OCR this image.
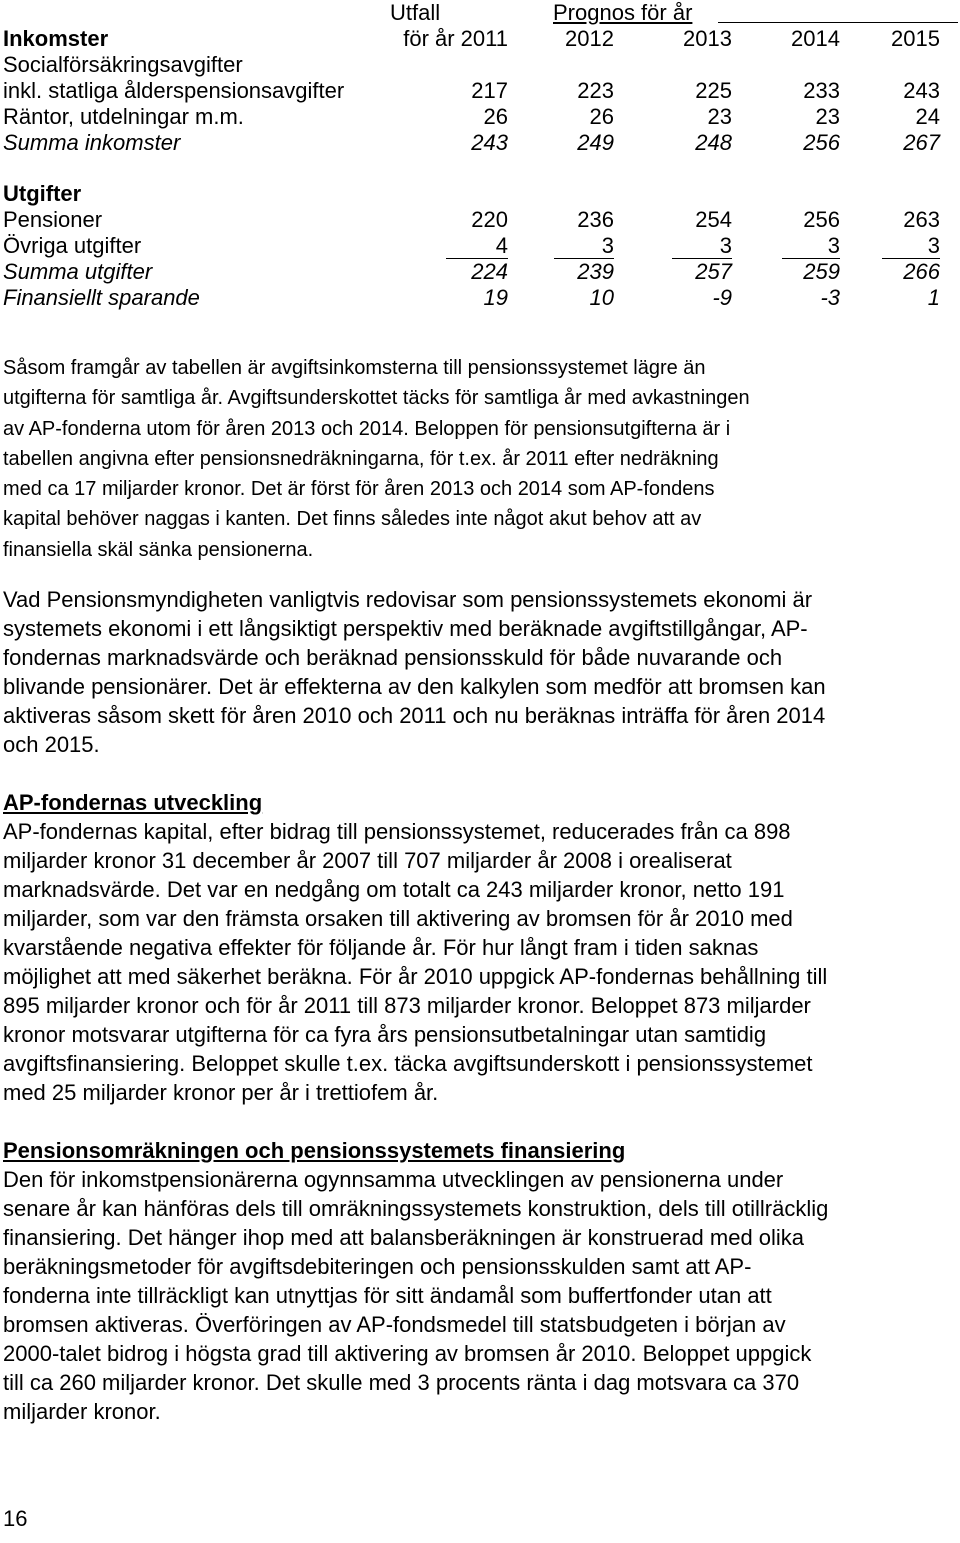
Utfall	Prognos för år
Inkomster	för år 2011	2012	2013	2014	2015
Socialförsäkringsavgifter
inkl. statliga ålderspensionsavgifter	217	223	225	233	243
Räntor, utdelningar m.m.	26	26	23	23	24
Summa inkomster	243	249	248	256	267
Utgifter
Pensioner	220	236	254	256	263
Övriga utgifter	4	3	3	3	3
Summa utgifter	224	239	257	259	266
Finansiellt sparande	19	10	-9	-3	1
Såsom framgår av tabellen är avgiftsinkomsterna till pensionssystemet lägre än
utgifterna för samtliga år. Avgiftsunderskottet täcks för samtliga år med avkastningen
av AP-fonderna utom för åren 2013 och 2014. Beloppen för pensionsutgifterna är i
tabellen angivna efter pensionsnedräkningarna, för t.ex. år 2011 efter nedräkning
med ca 17 miljarder kronor. Det är först för åren 2013 och 2014 som AP-fondens
kapital behöver naggas i kanten. Det finns således inte något akut behov att av
finansiella skäl sänka pensionerna.
Vad Pensionsmyndigheten vanligtvis redovisar som pensionssystemets ekonomi är
systemets ekonomi i ett långsiktigt perspektiv med beräknade avgiftstillgångar, AP-
fondernas marknadsvärde och beräknad pensionsskuld för både nuvarande och
blivande pensionärer. Det är effekterna av den kalkylen som medför att bromsen kan
aktiveras såsom skett för åren 2010 och 2011 och nu beräknas inträffa för åren 2014
och 2015.
AP-fondernas utveckling
AP-fondernas kapital, efter bidrag till pensionssystemet, reducerades från ca 898
miljarder kronor 31 december år 2007 till 707 miljarder år 2008 i orealiserat
marknadsvärde. Det var en nedgång om totalt ca 243 miljarder kronor, netto 191
miljarder, som var den främsta orsaken till aktivering av bromsen för år 2010 med
kvarstående negativa effekter för följande år. För hur långt fram i tiden saknas
möjlighet att med säkerhet beräkna. För år 2010 uppgick AP-fondernas behållning till
895 miljarder kronor och för år 2011 till 873 miljarder kronor. Beloppet 873 miljarder
kronor motsvarar utgifterna för ca fyra års pensionsutbetalningar utan samtidig
avgiftsfinansiering. Beloppet skulle t.ex. täcka avgiftsunderskott i pensionssystemet
med 25 miljarder kronor per år i trettiofem år.
Pensionsomräkningen och pensionssystemets finansiering
Den för inkomstpensionärerna ogynnsamma utvecklingen av pensionerna under
senare år kan hänföras dels till omräkningssystemets konstruktion, dels till otillräcklig
finansiering. Det hänger ihop med att balansberäkningen är konstruerad med olika
beräkningsmetoder för avgiftsdebiteringen och pensionsskulden samt att AP-
fonderna inte tillräckligt kan utnyttjas för sitt ändamål som buffertfonder utan att
bromsen aktiveras. Överföringen av AP-fondsmedel till statsbudgeten i början av
2000-talet bidrog i högsta grad till aktivering av bromsen år 2010. Beloppet uppgick
till ca 260 miljarder kronor. Det skulle med 3 procents ränta i dag motsvara ca 370
miljarder kronor.
16
